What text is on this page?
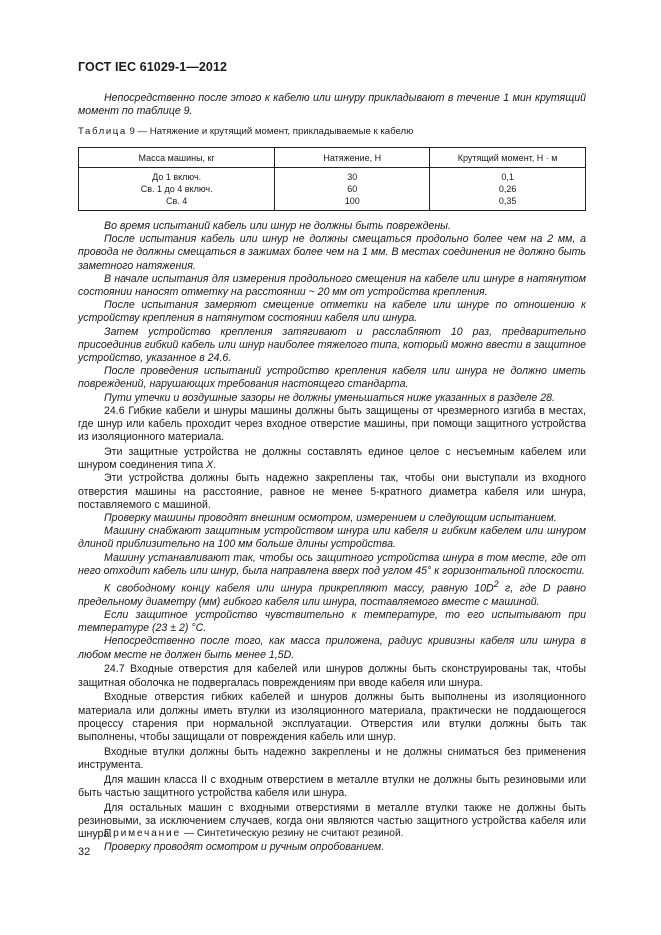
ГОСТ IEC 61029-1—2012

Непосредственно после этого к кабелю или шнуру прикладывают в течение 1 мин крутящий момент по таблице 9.

Таблица 9 — Натяжение и крутящий момент, прикладываемые к кабелю
Масса машины, кг	Натяжение, Н	Крутящий момент, Н · м
До 1 включ.	30	0,1
Св. 1 до 4 включ.	60	0,26
Св. 4	100	0,35

Во время испытаний кабель или шнур не должны быть повреждены.

После испытания кабель или шнур не должны смещаться продольно более чем на 2 мм, а провода не должны смещаться в зажимах более чем на 1 мм. В местах соединения не должно быть заметного натяжения.

В начале испытания для измерения продольного смещения на кабеле или шнуре в натянутом состоянии наносят отметку на расстоянии ~ 20 мм от устройства крепления.

После испытания замеряют смещение отметки на кабеле или шнуре по отношению к устройству крепления в натянутом состоянии кабеля или шнура.

Затем устройство крепления затягивают и расслабляют 10 раз, предварительно присоединив гибкий кабель или шнур наиболее тяжелого типа, который можно ввести в защитное устройство, указанное в 24.6.

После проведения испытаний устройство крепления кабеля или шнура не должно иметь повреждений, нарушающих требования настоящего стандарта.

Пути утечки и воздушные зазоры не должны уменьшаться ниже указанных в разделе 28.

24.6 Гибкие кабели и шнуры машины должны быть защищены от чрезмерного изгиба в местах, где шнур или кабель проходит через входное отверстие машины, при помощи защитного устройства из изоляционного материала.

Эти защитные устройства не должны составлять единое целое с несъемным кабелем или шнуром соединения типа X.

Эти устройства должны быть надежно закреплены так, чтобы они выступали из входного отверстия машины на расстояние, равное не менее 5-кратного диаметра кабеля или шнура, поставляемого с машиной.

Проверку машины проводят внешним осмотром, измерением и следующим испытанием.

Машину снабжают защитным устройством шнура или кабеля и гибким кабелем или шнуром длиной приблизительно на 100 мм больше длины устройства.

Машину устанавливают так, чтобы ось защитного устройства шнура в том месте, где от него отходит кабель или шнур, была направлена вверх под углом 45° к горизонтальной плоскости.

К свободному концу кабеля или шнура прикрепляют массу, равную $10D^2$ г, где D равно предельному диаметру (мм) гибкого кабеля или шнура, поставляемого вместе с машиной.

Если защитное устройство чувствительно к температуре, то его испытывают при температуре (23 ± 2) °С.

Непосредственно после того, как масса приложена, радиус кривизны кабеля или шнура в любом месте не должен быть менее 1,5D.

24.7 Входные отверстия для кабелей или шнуров должны быть сконструированы так, чтобы защитная оболочка не подвергалась повреждениям при вводе кабеля или шнура.

Входные отверстия гибких кабелей и шнуров должны быть выполнены из изоляционного материала или должны иметь втулки из изоляционного материала, практически не поддающегося процессу старения при нормальной эксплуатации. Отверстия или втулки должны быть так выполнены, чтобы защищали от повреждения кабель или шнур.

Входные втулки должны быть надежно закреплены и не должны сниматься без применения инструмента.

Для машин класса II с входным отверстием в металле втулки не должны быть резиновыми или быть частью защитного устройства кабеля или шнура.

Для остальных машин с входными отверстиями в металле втулки также не должны быть резиновыми, за исключением случаев, когда они являются частью защитного устройства кабеля или шнура.

Проверку проводят осмотром и ручным опробованием.

Примечание — Синтетическую резину не считают резиной.
32
